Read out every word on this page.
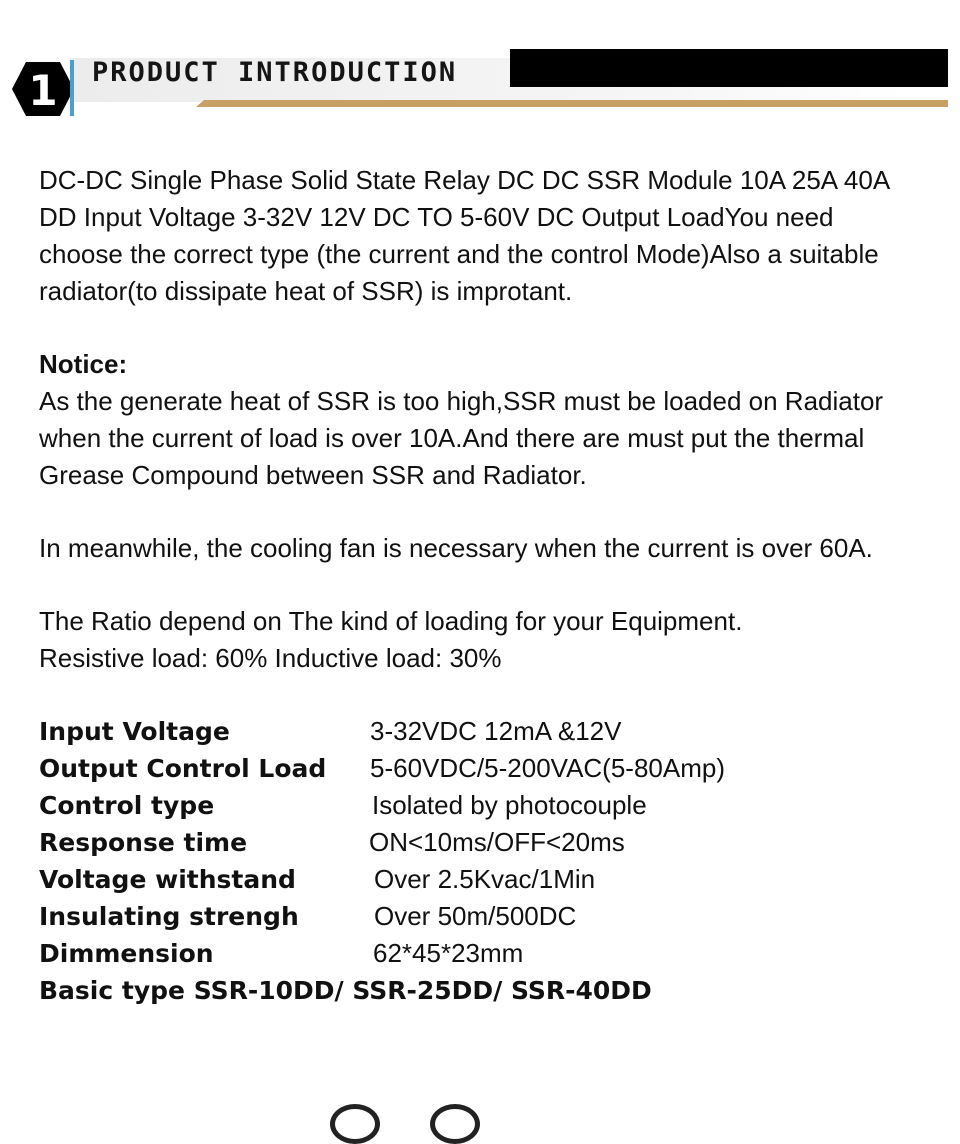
1 PRODUCT INTRODUCTION

DC-DC Single Phase Solid State Relay DC DC SSR Module 10A 25A 40A
DD Input Voltage 3-32V 12V DC TO 5-60V DC Output LoadYou need
choose the correct type (the current and the control Mode)Also a suitable
radiator(to dissipate heat of SSR) is improtant.

Notice:
As the generate heat of SSR is too high,SSR must be loaded on Radiator
when the current of load is over 10A.And there are must put the thermal
Grease Compound between SSR and Radiator.

In meanwhile, the cooling fan is necessary when the current is over 60A.

The Ratio depend on The kind of loading for your Equipment.
Resistive load: 60% Inductive load: 30%

Input Voltage	3-32VDC 12mA &12V
Output Control Load 5-60VDC/5-200VAC(5-80Amp)
Control type	Isolated by photocouple
Response time	ON<10ms/OFF<20ms
Voltage withstand	Over 2.5Kvac/1Min
Insulating strengh	Over 50m/500DC
Dimmension	62*45*23mm
Basic type SSR-10DD/ SSR-25DD/ SSR-40DD
